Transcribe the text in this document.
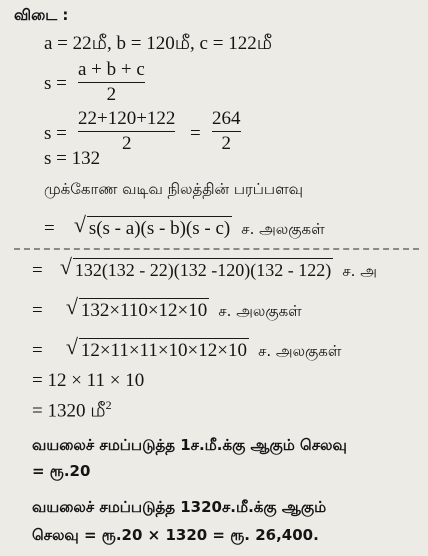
விடை :
a = 22மீ, b = 120மீ, c = 122மீ
s =
a + b + c
2
s =
22+120+122
2	=
264
2
s = 132
முக்கோண வடிவ நிலத்தின் பரப்பளவு
= √ s(s - a)(s - b)(s - c) ச. அலகுகள்
= √ 132(132 - 22)(132 -120)(132 - 122) ச. அ
= √ 132×110×12×10 ச. அலகுகள்
= √ 12×11×11×10×12×10 ச. அலகுகள்
= 12 × 11 × 10
= 1320 மீ$^2$
வயலைச் சமப்படுத்த 1ச.மீ.க்கு ஆகும் செலவு
= ரூ.20
வயலைச் சமப்படுத்த 1320ச.மீ.க்கு ஆகும்
செலவு = ரூ.20 × 1320 = ரூ. 26,400.
